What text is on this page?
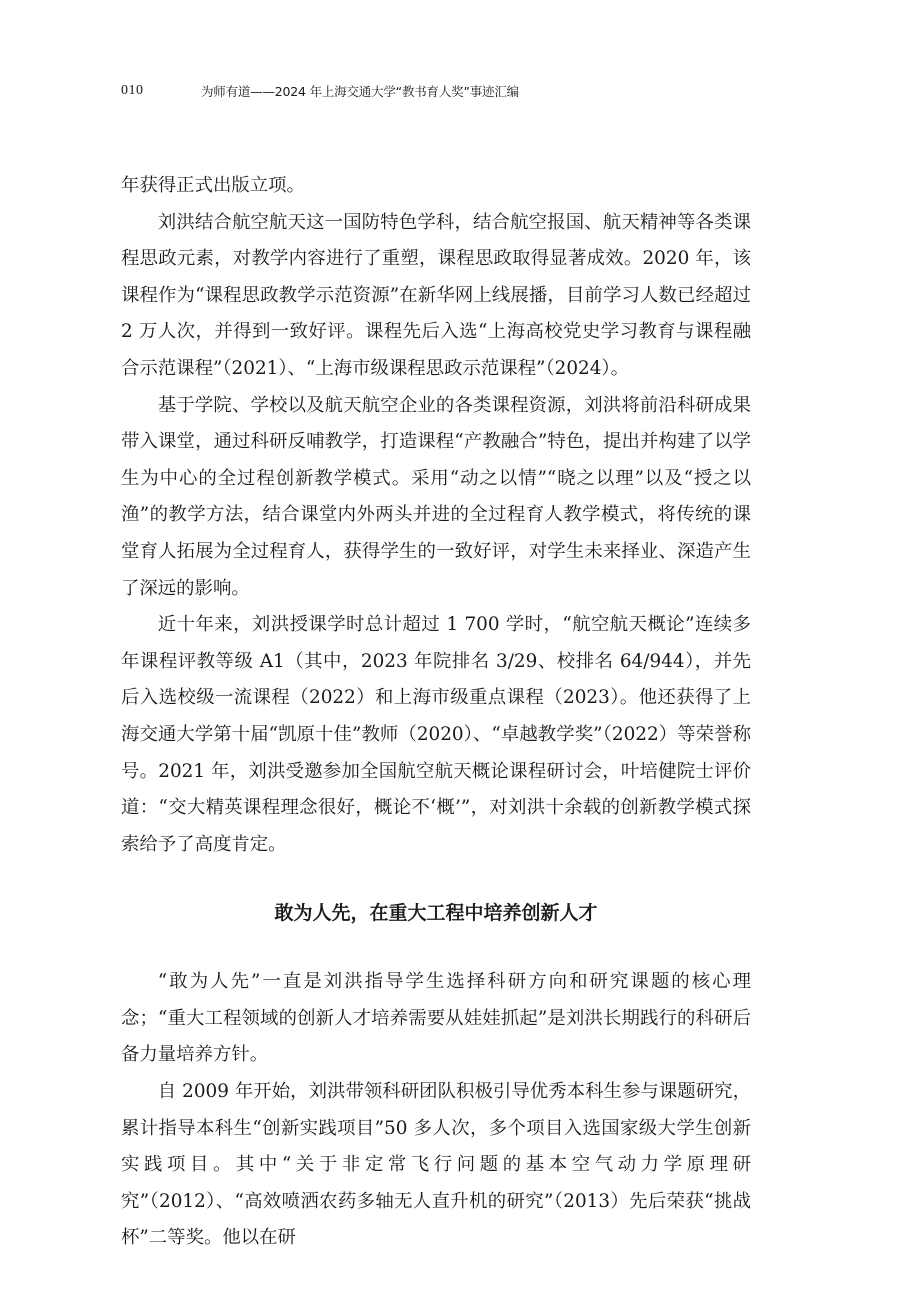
010	为师有道——2024 年上海交通大学“教书育人奖”事迹汇编

年获得正式出版立项。

刘洪结合航空航天这一国防特色学科，结合航空报国、航天精神等各类课程思政元素，对教学内容进行了重塑，课程思政取得显著成效。2020 年，该课程作为“课程思政教学示范资源”在新华网上线展播，目前学习人数已经超过 2 万人次，并得到一致好评。课程先后入选“上海高校党史学习教育与课程融合示范课程”（2021）、“上海市级课程思政示范课程”（2024）。

基于学院、学校以及航天航空企业的各类课程资源，刘洪将前沿科研成果带入课堂，通过科研反哺教学，打造课程“产教融合”特色，提出并构建了以学生为中心的全过程创新教学模式。采用“动之以情”“晓之以理”以及“授之以渔”的教学方法，结合课堂内外两头并进的全过程育人教学模式，将传统的课堂育人拓展为全过程育人，获得学生的一致好评，对学生未来择业、深造产生了深远的影响。

近十年来，刘洪授课学时总计超过 1 700 学时，“航空航天概论”连续多年课程评教等级 A1（其中，2023 年院排名 3/29、校排名 64/944），并先后入选校级一流课程（2022）和上海市级重点课程（2023）。他还获得了上海交通大学第十届“凯原十佳”教师（2020）、“卓越教学奖”（2022）等荣誉称号。2021 年，刘洪受邀参加全国航空航天概论课程研讨会，叶培健院士评价道：“交大精英课程理念很好，概论不‘概’”，对刘洪十余载的创新教学模式探索给予了高度肯定。

敢为人先，在重大工程中培养创新人才

“敢为人先”一直是刘洪指导学生选择科研方向和研究课题的核心理念；“重大工程领域的创新人才培养需要从娃娃抓起”是刘洪长期践行的科研后备力量培养方针。

自 2009 年开始，刘洪带领科研团队积极引导优秀本科生参与课题研究，累计指导本科生“创新实践项目”50 多人次，多个项目入选国家级大学生创新实践项目。其中“关于非定常飞行问题的基本空气动力学原理研究”（2012）、“高效喷洒农药多轴无人直升机的研究”（2013）先后荣获“挑战杯”二等奖。他以在研
